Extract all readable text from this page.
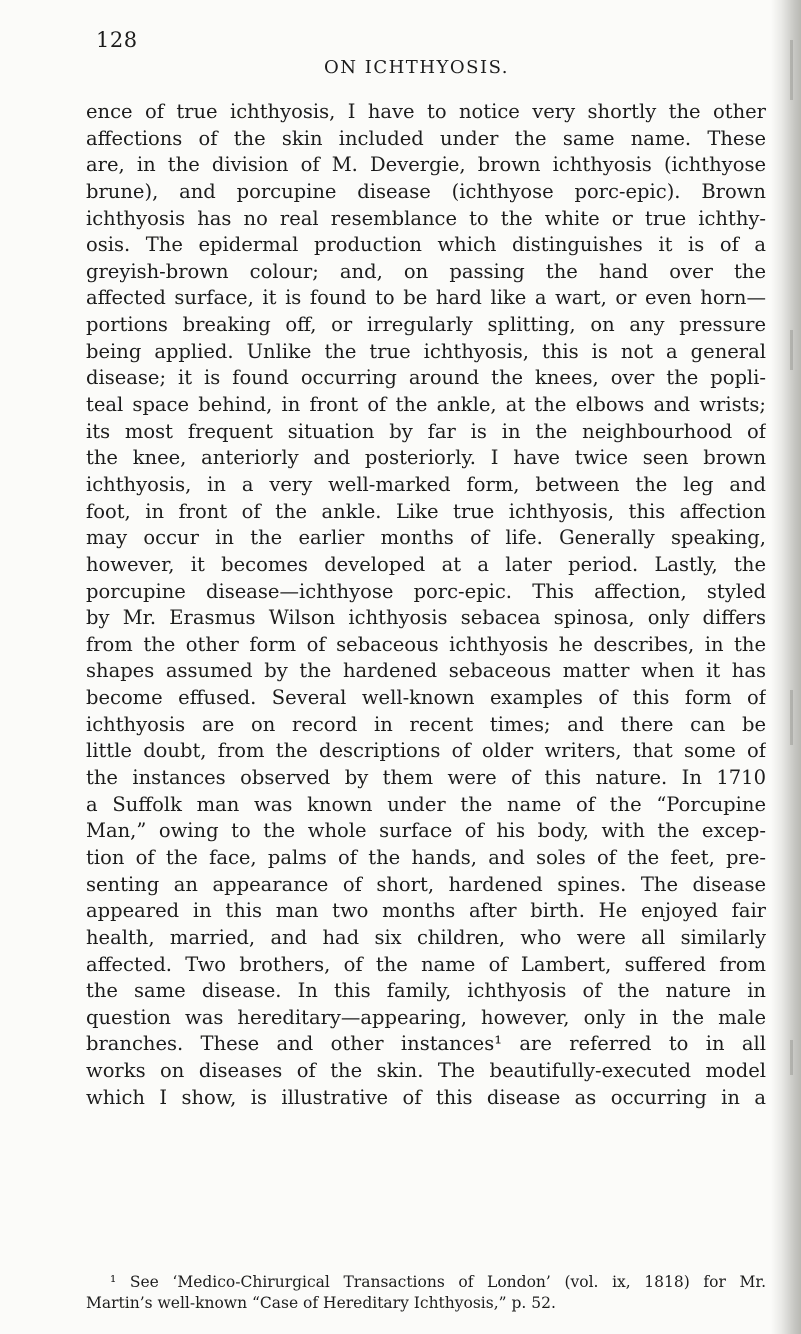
128
ON ICHTHYOSIS.
ence of true ichthyosis, I have to notice very shortly the other
affections of the skin included under the same name. These
are, in the division of M. Devergie, brown ichthyosis (ichthyose
brune), and porcupine disease (ichthyose porc-epic). Brown
ichthyosis has no real resemblance to the white or true ichthy-
osis. The epidermal production which distinguishes it is of a
greyish-brown colour; and, on passing the hand over the
affected surface, it is found to be hard like a wart, or even horn—
portions breaking off, or irregularly splitting, on any pressure
being applied. Unlike the true ichthyosis, this is not a general
disease; it is found occurring around the knees, over the popli-
teal space behind, in front of the ankle, at the elbows and wrists;
its most frequent situation by far is in the neighbourhood of
the knee, anteriorly and posteriorly. I have twice seen brown
ichthyosis, in a very well-marked form, between the leg and
foot, in front of the ankle. Like true ichthyosis, this affection
may occur in the earlier months of life. Generally speaking,
however, it becomes developed at a later period. Lastly, the
porcupine disease—ichthyose porc-epic. This affection, styled
by Mr. Erasmus Wilson ichthyosis sebacea spinosa, only differs
from the other form of sebaceous ichthyosis he describes, in the
shapes assumed by the hardened sebaceous matter when it has
become effused. Several well-known examples of this form of
ichthyosis are on record in recent times; and there can be
little doubt, from the descriptions of older writers, that some of
the instances observed by them were of this nature. In 1710
a Suffolk man was known under the name of the “Porcupine
Man,” owing to the whole surface of his body, with the excep-
tion of the face, palms of the hands, and soles of the feet, pre-
senting an appearance of short, hardened spines. The disease
appeared in this man two months after birth. He enjoyed fair
health, married, and had six children, who were all similarly
affected. Two brothers, of the name of Lambert, suffered from
the same disease. In this family, ichthyosis of the nature in
question was hereditary—appearing, however, only in the male
branches. These and other instances¹ are referred to in all
works on diseases of the skin. The beautifully-executed model
which I show, is illustrative of this disease as occurring in a
¹ See ‘Medico-Chirurgical Transactions of London’ (vol. ix, 1818) for Mr.
Martin’s well-known “Case of Hereditary Ichthyosis,” p. 52.
